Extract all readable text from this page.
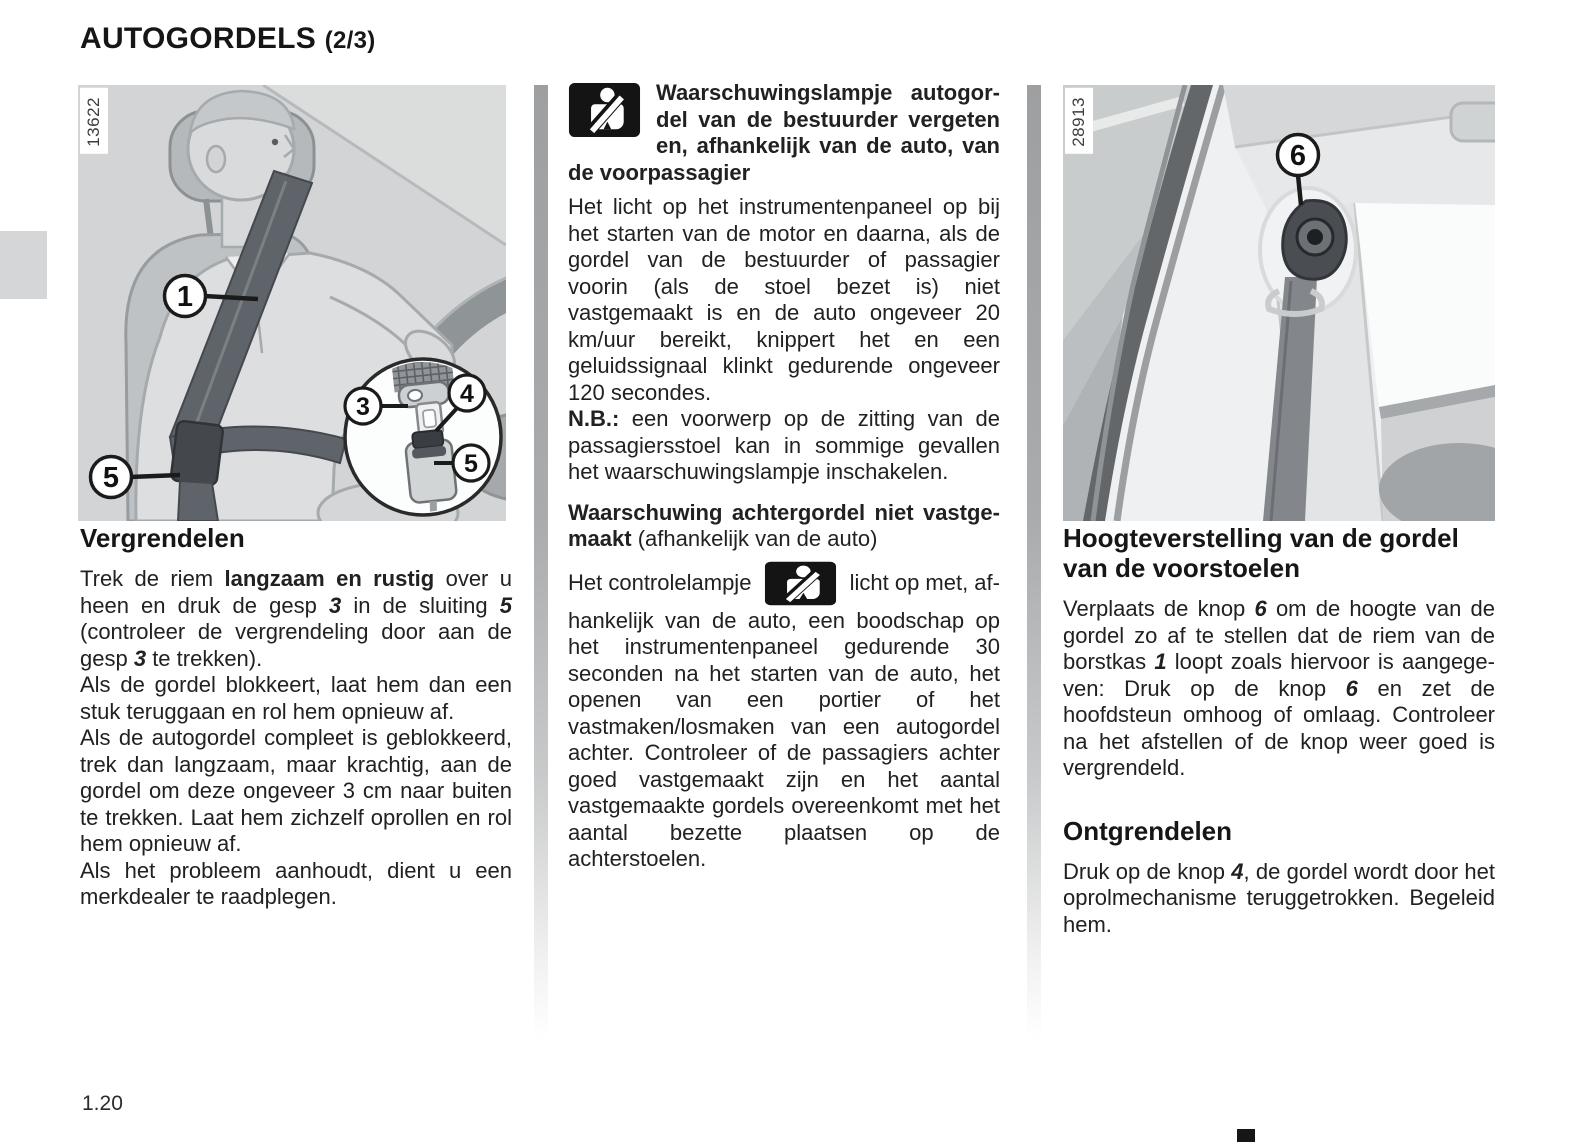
AUTOGORDELS (2/3)
1
5
3	4
5
13622
6
28913
Vergrendelen

Trek de riem langzaam en rustig over u heen en druk de gesp 3 in de sluiting 5 (controleer de vergrendeling door aan de gesp 3 te trekken).

Als de gordel blokkeert, laat hem dan een stuk teruggaan en rol hem opnieuw af.

Als de autogordel compleet is geblokkeerd, trek dan langzaam, maar krachtig, aan de gordel om deze ongeveer 3 cm naar buiten te trekken. Laat hem zichzelf oprollen en rol hem opnieuw af.

Als het probleem aanhoudt, dient u een merkdealer te raadplegen.

Waarschuwingslampje autogordel van de bestuurder vergeten en, afhankelijk van de auto, van de voorpassagier

Het licht op het instrumentenpaneel op bij het starten van de motor en daarna, als de gordel van de bestuurder of passagier voorin (als de stoel bezet is) niet vastgemaakt is en de auto ongeveer 20 km/uur bereikt, knippert het en een geluidssignaal klinkt gedurende ongeveer 120 secondes.

N.B.: een voorwerp op de zitting van de passagiersstoel kan in sommige gevallen het waarschuwingslampje inschakelen.

Waarschuwing achtergordel niet vastgemaakt (afhankelijk van de auto)

Het controlelampje	licht op met, af-

hankelijk van de auto, een boodschap op het instrumentenpaneel gedurende 30 seconden na het starten van de auto, het openen van een portier of het vastmaken/losmaken van een autogordel achter. Controleer of de passagiers achter goed vastgemaakt zijn en het aantal vastgemaakte gordels overeenkomt met het aantal bezette plaatsen op de achterstoelen.

Hoogteverstelling van de gordel van de voorstoelen

Verplaats de knop 6 om de hoogte van de gordel zo af te stellen dat de riem van de borstkas 1 loopt zoals hiervoor is aangegeven: Druk op de knop 6 en zet de hoofdsteun omhoog of omlaag. Controleer na het afstellen of de knop weer goed is vergrendeld.

Ontgrendelen

Druk op de knop 4, de gordel wordt door het oprolmechanisme teruggetrokken. Begeleid hem.

1.20
